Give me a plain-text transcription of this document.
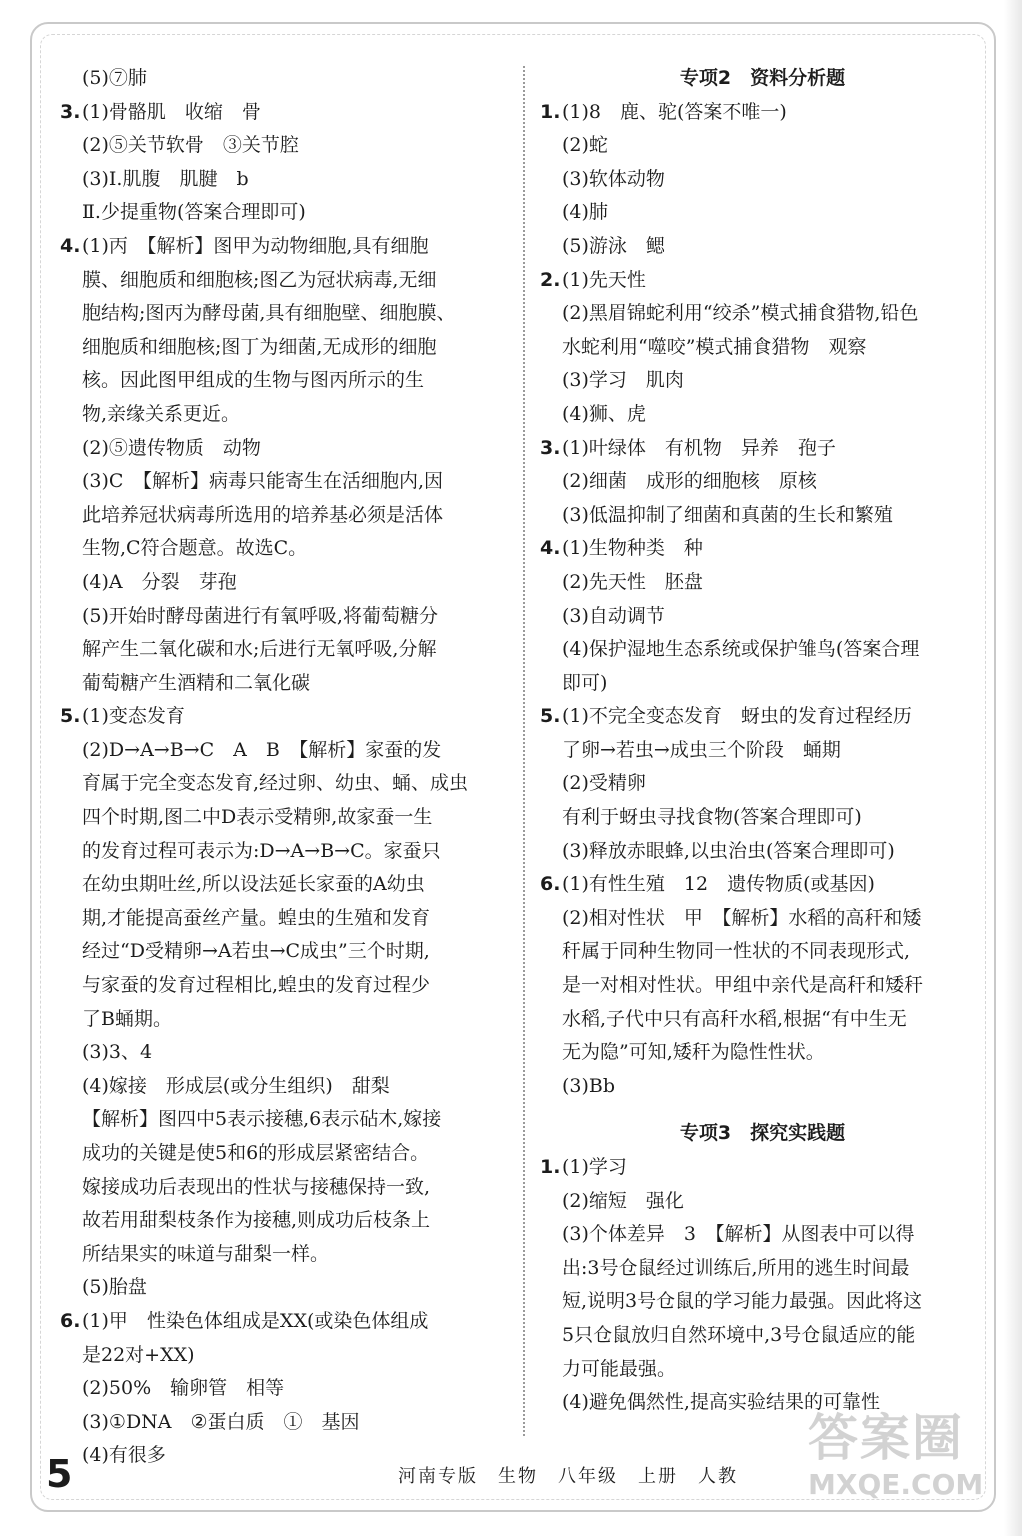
(5)⑦肺
3.(1)骨骼肌　收缩　骨
(2)⑤关节软骨　③关节腔
(3)Ⅰ.肌腹　肌腱　b
Ⅱ.少提重物(答案合理即可)
4.(1)丙　【解析】图甲为动物细胞,具有细胞
膜、细胞质和细胞核;图乙为冠状病毒,无细
胞结构;图丙为酵母菌,具有细胞壁、细胞膜、
细胞质和细胞核;图丁为细菌,无成形的细胞
核。因此图甲组成的生物与图丙所示的生
物,亲缘关系更近。
(2)⑤遗传物质　动物
(3)C　【解析】病毒只能寄生在活细胞内,因
此培养冠状病毒所选用的培养基必须是活体
生物,C符合题意。故选C。
(4)A　分裂　芽孢
(5)开始时酵母菌进行有氧呼吸,将葡萄糖分
解产生二氧化碳和水;后进行无氧呼吸,分解
葡萄糖产生酒精和二氧化碳
5.(1)变态发育
(2)D→A→B→C　A　B　【解析】家蚕的发
育属于完全变态发育,经过卵、幼虫、蛹、成虫
四个时期,图二中D表示受精卵,故家蚕一生
的发育过程可表示为:D→A→B→C。家蚕只
在幼虫期吐丝,所以设法延长家蚕的A幼虫
期,才能提高蚕丝产量。蝗虫的生殖和发育
经过“D受精卵→A若虫→C成虫”三个时期,
与家蚕的发育过程相比,蝗虫的发育过程少
了B蛹期。
(3)3、4
(4)嫁接　形成层(或分生组织)　甜梨
【解析】图四中5表示接穗,6表示砧木,嫁接
成功的关键是使5和6的形成层紧密结合。
嫁接成功后表现出的性状与接穗保持一致,
故若用甜梨枝条作为接穗,则成功后枝条上
所结果实的味道与甜梨一样。
(5)胎盘
6.(1)甲　性染色体组成是XX(或染色体组成
是22对+XX)
(2)50%　输卵管　相等
(3)①DNA　②蛋白质　①　基因
(4)有很多
专项2　资料分析题
1.(1)8　鹿、驼(答案不唯一)
(2)蛇
(3)软体动物
(4)肺
(5)游泳　鳃
2.(1)先天性
(2)黑眉锦蛇利用“绞杀”模式捕食猎物,铅色
水蛇利用“噬咬”模式捕食猎物　观察
(3)学习　肌肉
(4)狮、虎
3.(1)叶绿体　有机物　异养　孢子
(2)细菌　成形的细胞核　原核
(3)低温抑制了细菌和真菌的生长和繁殖
4.(1)生物种类　种
(2)先天性　胚盘
(3)自动调节
(4)保护湿地生态系统或保护雏鸟(答案合理
即可)
5.(1)不完全变态发育　蚜虫的发育过程经历
了卵→若虫→成虫三个阶段　蛹期
(2)受精卵
有利于蚜虫寻找食物(答案合理即可)
(3)释放赤眼蜂,以虫治虫(答案合理即可)
6.(1)有性生殖　12　遗传物质(或基因)
(2)相对性状　甲　【解析】水稻的高秆和矮
秆属于同种生物同一性状的不同表现形式,
是一对相对性状。甲组中亲代是高秆和矮秆
水稻,子代中只有高秆水稻,根据“有中生无
无为隐”可知,矮秆为隐性性状。
(3)Bb
专项3　探究实践题
1.(1)学习
(2)缩短　强化
(3)个体差异　3　【解析】从图表中可以得
出:3号仓鼠经过训练后,所用的逃生时间最
短,说明3号仓鼠的学习能力最强。因此将这
5只仓鼠放归自然环境中,3号仓鼠适应的能
力可能最强。
(4)避免偶然性,提高实验结果的可靠性
5	河南专版　生物　八年级　上册　人教
答案圈
MXQE.COM
